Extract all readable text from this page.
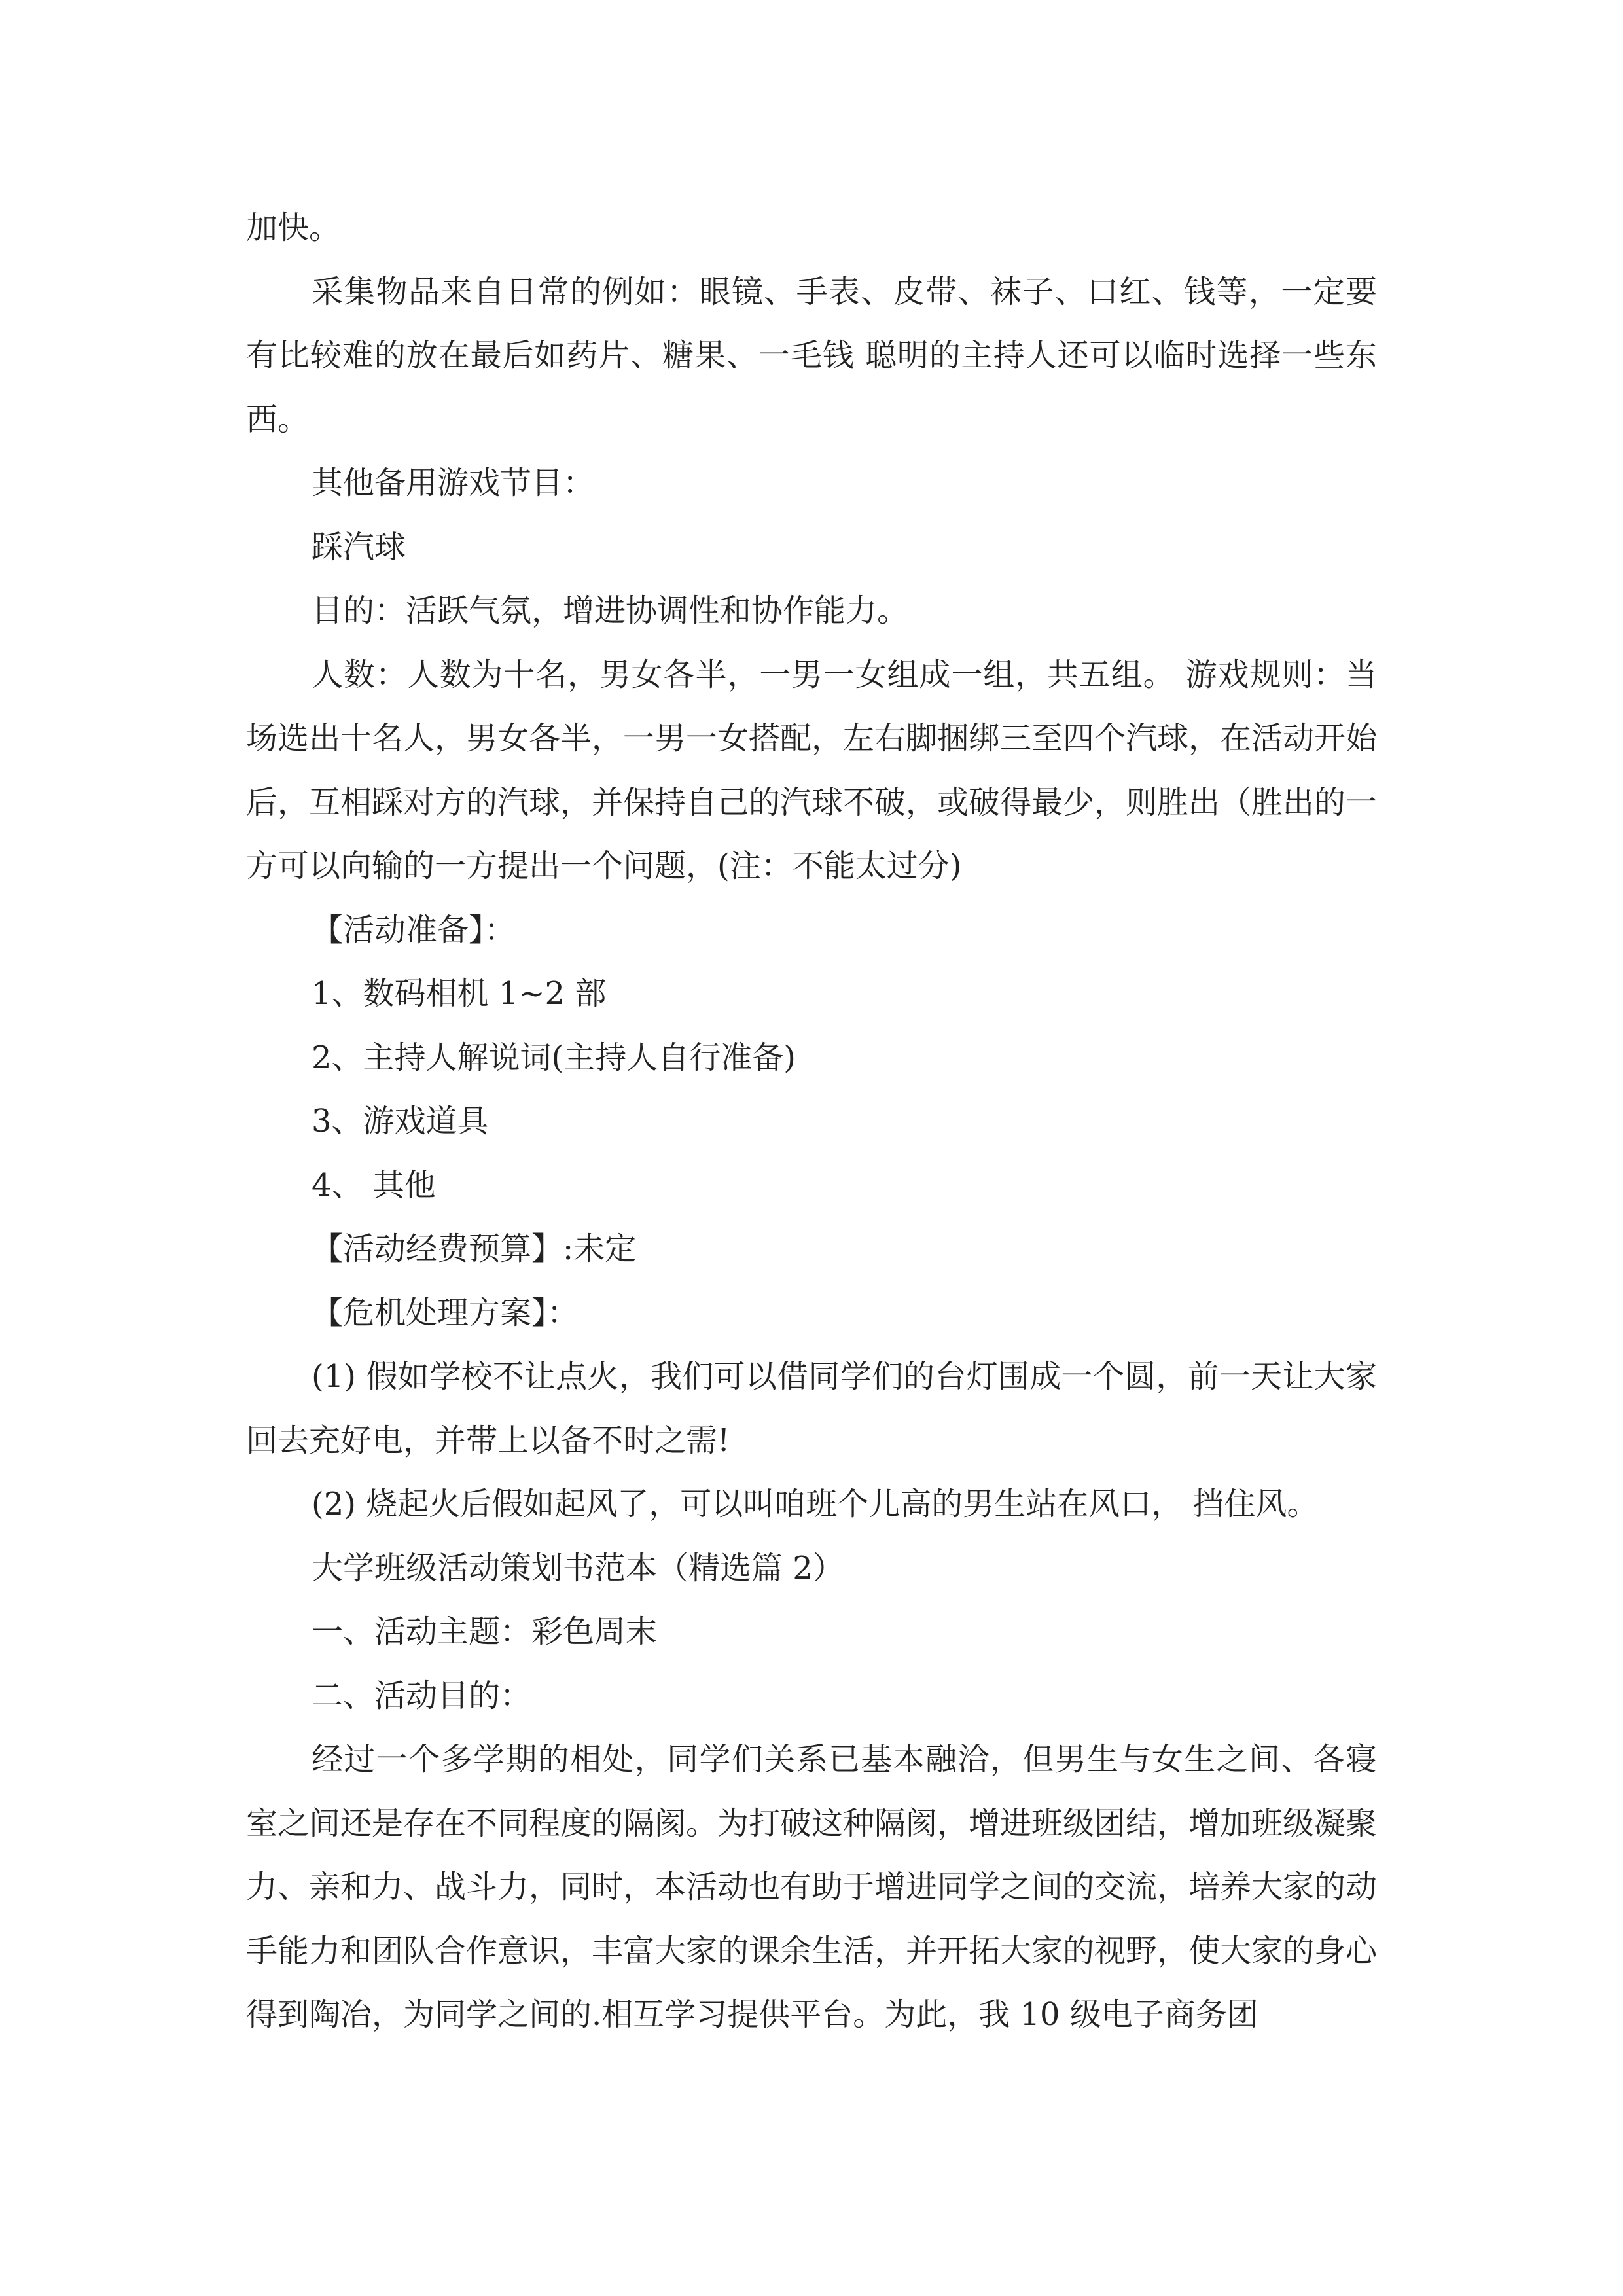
加快。

采集物品来自日常的例如：眼镜、手表、皮带、袜子、口红、钱等，一定要有比较难的放在最后如药片、糖果、一毛钱 聪明的主持人还可以临时选择一些东西。

其他备用游戏节目：

踩汽球

目的：活跃气氛，增进协调性和协作能力。

人数：人数为十名，男女各半，一男一女组成一组，共五组。 游戏规则：当场选出十名人，男女各半，一男一女搭配，左右脚捆绑三至四个汽球，在活动开始后，互相踩对方的汽球，并保持自己的汽球不破，或破得最少，则胜出（胜出的一方可以向输的一方提出一个问题，(注：不能太过分)

【活动准备】：

1、数码相机 1~2 部

2、主持人解说词(主持人自行准备)

3、游戏道具

4、 其他

【活动经费预算】:未定

【危机处理方案】：

(1) 假如学校不让点火，我们可以借同学们的台灯围成一个圆，前一天让大家回去充好电，并带上以备不时之需!

(2) 烧起火后假如起风了，可以叫咱班个儿高的男生站在风口， 挡住风。

大学班级活动策划书范本（精选篇 2）

一、活动主题：彩色周末

二、活动目的：

经过一个多学期的相处，同学们关系已基本融洽，但男生与女生之间、各寝室之间还是存在不同程度的隔阂。为打破这种隔阂，增进班级团结，增加班级凝聚力、亲和力、战斗力，同时，本活动也有助于增进同学之间的交流，培养大家的动手能力和团队合作意识，丰富大家的课余生活，并开拓大家的视野，使大家的身心得到陶冶，为同学之间的.相互学习提供平台。为此，我 10 级电子商务团
